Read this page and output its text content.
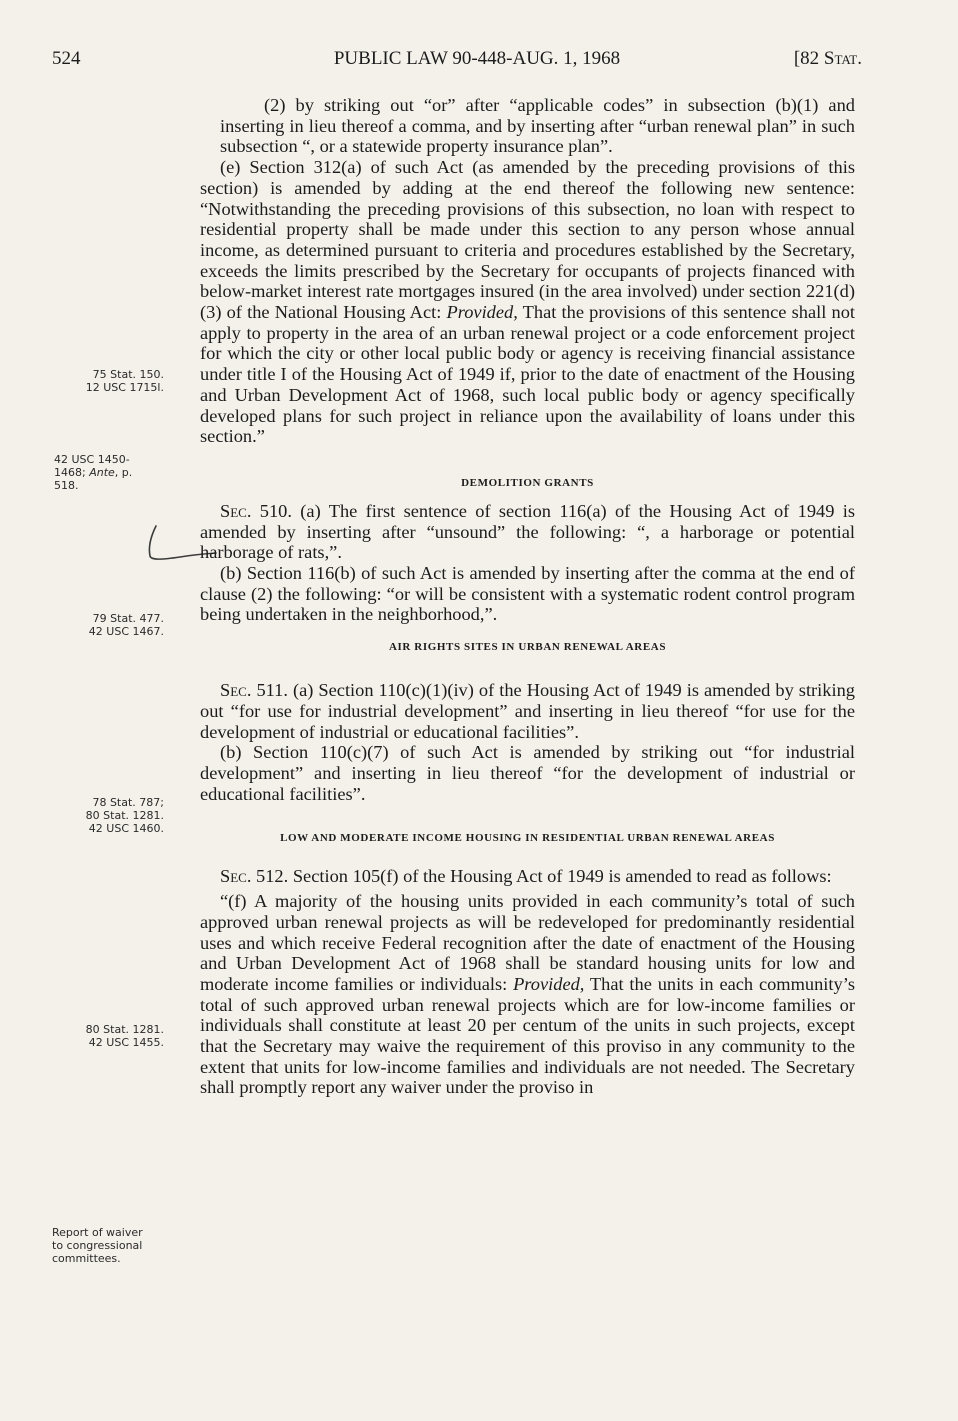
524	PUBLIC LAW 90-448-AUG. 1, 1968	[82 Stat.
75 Stat. 150.
12 USC 1715l.
42 USC 1450-
1468; Ante, p.
518.
79 Stat. 477.
42 USC 1467.
78 Stat. 787;
80 Stat. 1281.
42 USC 1460.
80 Stat. 1281.
42 USC 1455.
Report of waiver
to congressional
committees.

(2) by striking out “or” after “applicable codes” in subsection (b)(1) and inserting in lieu thereof a comma, and by inserting after “urban renewal plan” in such subsection “, or a statewide property insurance plan”.

(e) Section 312(a) of such Act (as amended by the preceding provisions of this section) is amended by adding at the end thereof the following new sentence: “Notwithstanding the preceding provisions of this subsection, no loan with respect to residential property shall be made under this section to any person whose annual income, as determined pursuant to criteria and procedures established by the Secretary, exceeds the limits prescribed by the Secretary for occupants of projects financed with below-market interest rate mortgages insured (in the area involved) under section 221(d)(3) of the National Housing Act: Provided, That the provisions of this sentence shall not apply to property in the area of an urban renewal project or a code enforcement project for which the city or other local public body or agency is receiving financial assistance under title I of the Housing Act of 1949 if, prior to the date of enactment of the Housing and Urban Development Act of 1968, such local public body or agency specifically developed plans for such project in reliance upon the availability of loans under this section.”

DEMOLITION GRANTS

Sec. 510. (a) The first sentence of section 116(a) of the Housing Act of 1949 is amended by inserting after “unsound” the following: “, a harborage or potential harborage of rats,”.

(b) Section 116(b) of such Act is amended by inserting after the comma at the end of clause (2) the following: “or will be consistent with a systematic rodent control program being undertaken in the neighborhood,”.

AIR RIGHTS SITES IN URBAN RENEWAL AREAS

Sec. 511. (a) Section 110(c)(1)(iv) of the Housing Act of 1949 is amended by striking out “for use for industrial development” and inserting in lieu thereof “for use for the development of industrial or educational facilities”.

(b) Section 110(c)(7) of such Act is amended by striking out “for industrial development” and inserting in lieu thereof “for the development of industrial or educational facilities”.

LOW AND MODERATE INCOME HOUSING IN RESIDENTIAL URBAN RENEWAL AREAS

Sec. 512. Section 105(f) of the Housing Act of 1949 is amended to read as follows:

“(f) A majority of the housing units provided in each community’s total of such approved urban renewal projects as will be redeveloped for predominantly residential uses and which receive Federal recognition after the date of enactment of the Housing and Urban Development Act of 1968 shall be standard housing units for low and moderate income families or individuals: Provided, That the units in each community’s total of such approved urban renewal projects which are for low-income families or individuals shall constitute at least 20 per centum of the units in such projects, except that the Secretary may waive the requirement of this proviso in any community to the extent that units for low-income families and individuals are not needed. The Secretary shall promptly report any waiver under the proviso in
